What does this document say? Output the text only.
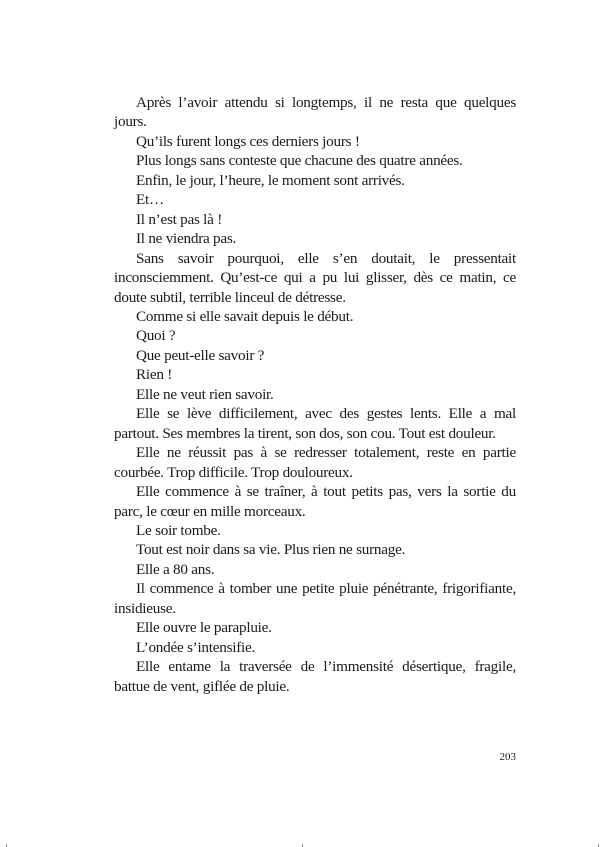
Après l’avoir attendu si longtemps, il ne resta que quelques jours.

Qu’ils furent longs ces derniers jours !

Plus longs sans conteste que chacune des quatre années.

Enfin, le jour, l’heure, le moment sont arrivés.

Et…

Il n’est pas là !

Il ne viendra pas.

Sans savoir pourquoi, elle s’en doutait, le pressentait inconsciemment. Qu’est-ce qui a pu lui glisser, dès ce matin, ce doute subtil, terrible linceul de détresse.

Comme si elle savait depuis le début.

Quoi ?

Que peut-elle savoir ?

Rien !

Elle ne veut rien savoir.

Elle se lève difficilement, avec des gestes lents. Elle a mal partout. Ses membres la tirent, son dos, son cou. Tout est douleur.

Elle ne réussit pas à se redresser totalement, reste en partie courbée. Trop difficile. Trop douloureux.

Elle commence à se traîner, à tout petits pas, vers la sortie du parc, le cœur en mille morceaux.

Le soir tombe.

Tout est noir dans sa vie. Plus rien ne surnage.

Elle a 80 ans.

Il commence à tomber une petite pluie pénétrante, frigorifiante, insidieuse.

Elle ouvre le parapluie.

L’ondée s’intensifie.

Elle entame la traversée de l’immensité désertique, fragile, battue de vent, giflée de pluie.

203
